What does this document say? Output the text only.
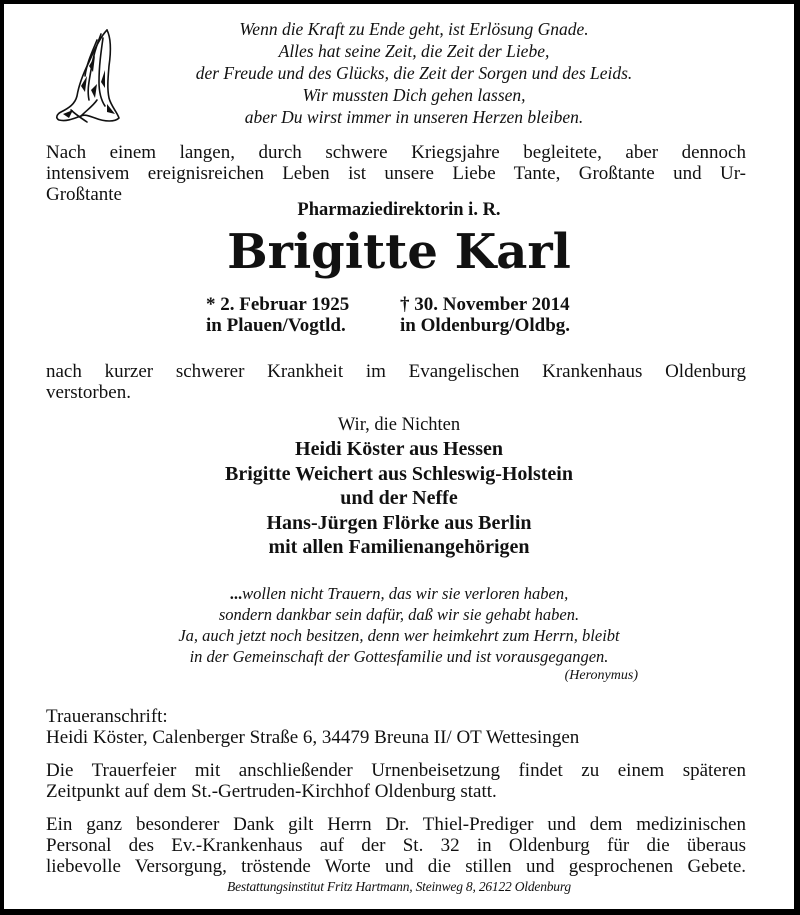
Wenn die Kraft zu Ende geht, ist Erlösung Gnade.
Alles hat seine Zeit, die Zeit der Liebe,
der Freude und des Glücks, die Zeit der Sorgen und des Leids.
Wir mussten Dich gehen lassen,
aber Du wirst immer in unseren Herzen bleiben.
Nach einem langen, durch schwere Kriegsjahre begleitete, aber dennoch
intensivem ereignisreichen Leben ist unsere Liebe Tante, Großtante und Ur-
Großtante
Pharmaziedirektorin i. R.
Brigitte Karl
* 2. Februar 1925
in Plauen/Vogtld.
† 30. November 2014
in Oldenburg/Oldbg.
nach kurzer schwerer Krankheit im Evangelischen Krankenhaus Oldenburg
verstorben.
Wir, die Nichten
Heidi Köster aus Hessen
Brigitte Weichert aus Schleswig-Holstein
und der Neffe
Hans-Jürgen Flörke aus Berlin
mit allen Familienangehörigen
...wollen nicht Trauern, das wir sie verloren haben,
sondern dankbar sein dafür, daß wir sie gehabt haben.
Ja, auch jetzt noch besitzen, denn wer heimkehrt zum Herrn, bleibt
in der Gemeinschaft der Gottesfamilie und ist vorausgegangen.
(Heronymus)
Traueranschrift:
Heidi Köster, Calenberger Straße 6, 34479 Breuna II/ OT Wettesingen
Die Trauerfeier mit anschließender Urnenbeisetzung findet zu einem späteren
Zeitpunkt auf dem St.-Gertruden-Kirchhof Oldenburg statt.
Ein ganz besonderer Dank gilt Herrn Dr. Thiel-Prediger und dem medizinischen
Personal des Ev.-Krankenhaus auf der St. 32 in Oldenburg für die überaus
liebevolle Versorgung, tröstende Worte und die stillen und gesprochenen Gebete.
Bestattungsinstitut Fritz Hartmann, Steinweg 8, 26122 Oldenburg
